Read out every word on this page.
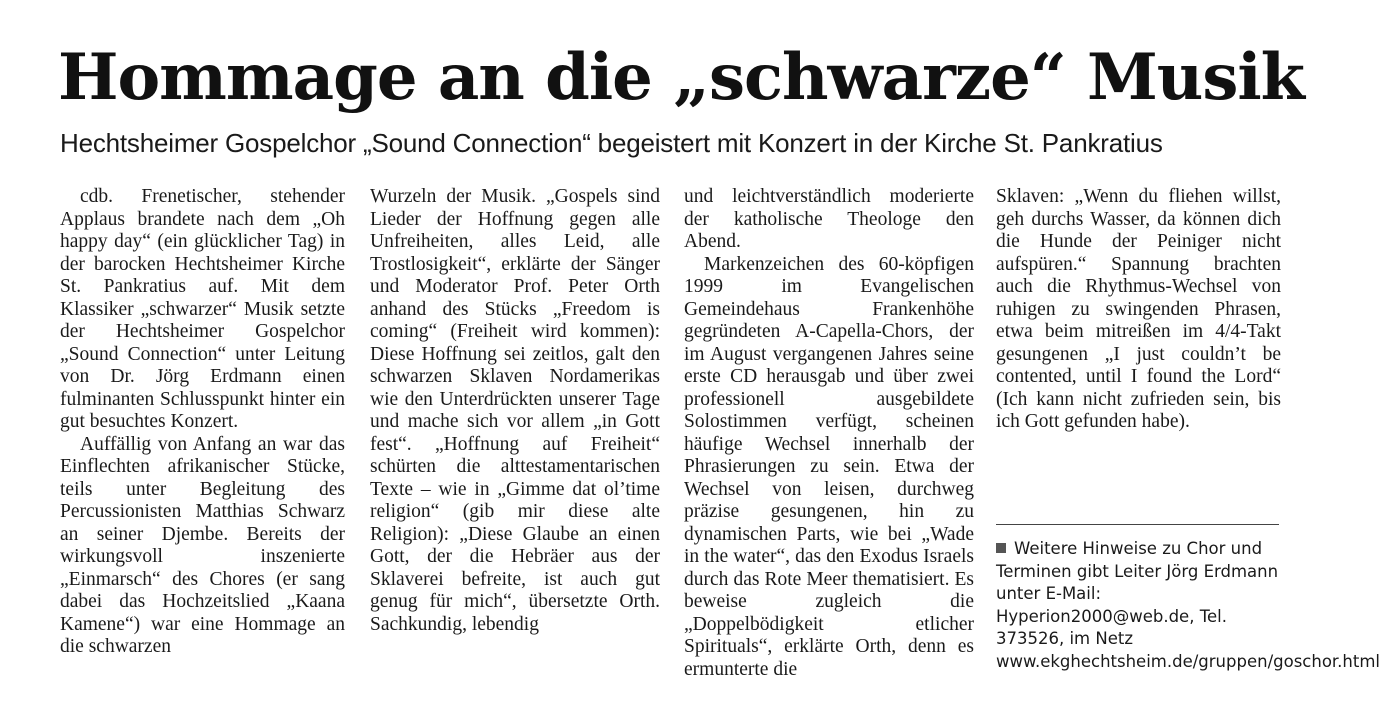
Hommage an die „schwarze“ Musik
Hechtsheimer Gospelchor „Sound Connection“ begeistert mit Konzert in der Kirche St. Pankratius

cdb. Frenetischer, stehender Applaus brandete nach dem „Oh happy day“ (ein glücklicher Tag) in der barocken Hechtsheimer Kirche St. Pankratius auf. Mit dem Klassiker „schwarzer“ Musik setzte der Hechtsheimer Gospelchor „Sound Connection“ unter Leitung von Dr. Jörg Erdmann einen fulminanten Schlusspunkt hinter ein gut besuchtes Konzert.

Auffällig von Anfang an war das Einflechten afrikanischer Stücke, teils unter Begleitung des Percussionisten Matthias Schwarz an seiner Djembe. Bereits der wirkungsvoll inszenierte „Einmarsch“ des Chores (er sang dabei das Hochzeitslied „Kaana Kamene“) war eine Hommage an die schwarzen

Wurzeln der Musik. „Gospels sind Lieder der Hoffnung gegen alle Unfreiheiten, alles Leid, alle Trostlosigkeit“, erklärte der Sänger und Moderator Prof. Peter Orth anhand des Stücks „Freedom is coming“ (Freiheit wird kommen): Diese Hoffnung sei zeitlos, galt den schwarzen Sklaven Nordamerikas wie den Unterdrückten unserer Tage und mache sich vor allem „in Gott fest“. „Hoffnung auf Freiheit“ schürten die alttestamentarischen Texte – wie in „Gimme dat ol’time religion“ (gib mir diese alte Religion): „Diese Glaube an einen Gott, der die Hebräer aus der Sklaverei befreite, ist auch gut genug für mich“, übersetzte Orth. Sachkundig, lebendig

und leichtverständlich moderierte der katholische Theologe den Abend.

Markenzeichen des 60-köpfigen 1999 im Evangelischen Gemeindehaus Frankenhöhe gegründeten A-Capella-Chors, der im August vergangenen Jahres seine erste CD herausgab und über zwei professionell ausgebildete Solostimmen verfügt, scheinen häufige Wechsel innerhalb der Phrasierungen zu sein. Etwa der Wechsel von leisen, durchweg präzise gesungenen, hin zu dynamischen Parts, wie bei „Wade in the water“, das den Exodus Israels durch das Rote Meer thematisiert. Es beweise zugleich die „Doppelbödigkeit etlicher Spirituals“, erklärte Orth, denn es ermunterte die

Sklaven: „Wenn du fliehen willst, geh durchs Wasser, da können dich die Hunde der Peiniger nicht aufspüren.“ Spannung brachten auch die Rhythmus-Wechsel von ruhigen zu swingenden Phrasen, etwa beim mitreißen im 4/4-Takt gesungenen „I just couldn’t be contented, until I found the Lord“ (Ich kann nicht zufrieden sein, bis ich Gott gefunden habe).

Weitere Hinweise zu Chor und Terminen gibt Leiter Jörg Erdmann unter E-Mail: Hyperion2000@web.de, Tel. 373526, im Netz www.ekghechtsheim.de/gruppen/goschor.html
